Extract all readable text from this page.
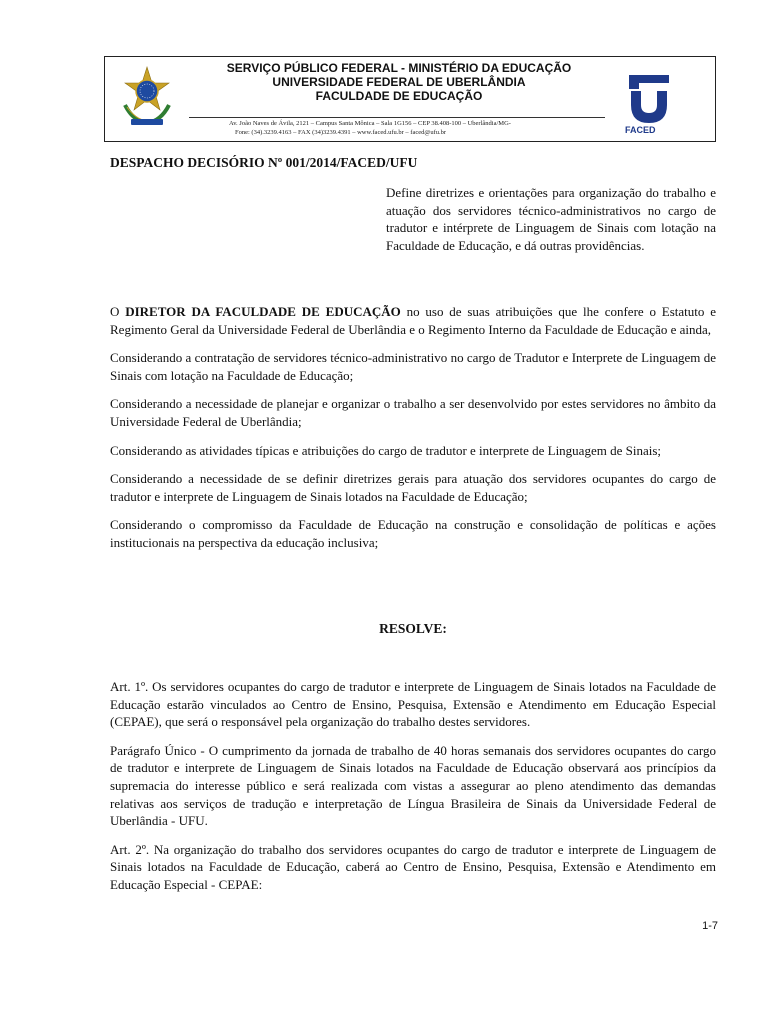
SERVIÇO PÚBLICO FEDERAL - MINISTÉRIO DA EDUCAÇÃO
UNIVERSIDADE FEDERAL DE UBERLÂNDIA
FACULDADE DE EDUCAÇÃO
Av. João Naves de Ávila, 2121 – Campus Santa Mônica – Sala 1G156 – CEP 38.408-100 – Uberlândia/MG-
Fone: (34).3239.4163 – FAX (34)3239.4391 – www.faced.ufu.br – faced@ufu.br	FACED
DESPACHO DECISÓRIO Nº 001/2014/FACED/UFU
Define diretrizes e orientações para organização do trabalho e atuação dos servidores técnico-administrativos no cargo de tradutor e intérprete de Linguagem de Sinais com lotação na Faculdade de Educação, e dá outras providências.

O DIRETOR DA FACULDADE DE EDUCAÇÃO no uso de suas atribuições que lhe confere o Estatuto e Regimento Geral da Universidade Federal de Uberlândia e o Regimento Interno da Faculdade de Educação e ainda,

Considerando a contratação de servidores técnico-administrativo no cargo de Tradutor e Interprete de Linguagem de Sinais com lotação na Faculdade de Educação;

Considerando a necessidade de planejar e organizar o trabalho a ser desenvolvido por estes servidores no âmbito da Universidade Federal de Uberlândia;

Considerando as atividades típicas e atribuições do cargo de tradutor e interprete de Linguagem de Sinais;

Considerando a necessidade de se definir diretrizes gerais para atuação dos servidores ocupantes do cargo de tradutor e interprete de Linguagem de Sinais lotados na Faculdade de Educação;

Considerando o compromisso da Faculdade de Educação na construção e consolidação de políticas e ações institucionais na perspectiva da educação inclusiva;

RESOLVE:

Art. 1º. Os servidores ocupantes do cargo de tradutor e interprete de Linguagem de Sinais lotados na Faculdade de Educação estarão vinculados ao Centro de Ensino, Pesquisa, Extensão e Atendimento em Educação Especial (CEPAE), que será o responsável pela organização do trabalho destes servidores.

Parágrafo Único - O cumprimento da jornada de trabalho de 40 horas semanais dos servidores ocupantes do cargo de tradutor e interprete de Linguagem de Sinais lotados na Faculdade de Educação observará aos princípios da supremacia do interesse público e será realizada com vistas a assegurar ao pleno atendimento das demandas relativas aos serviços de tradução e interpretação de Língua Brasileira de Sinais da Universidade Federal de Uberlândia - UFU.

Art. 2º. Na organização do trabalho dos servidores ocupantes do cargo de tradutor e interprete de Linguagem de Sinais lotados na Faculdade de Educação, caberá ao Centro de Ensino, Pesquisa, Extensão e Atendimento em Educação Especial - CEPAE:

1-7
